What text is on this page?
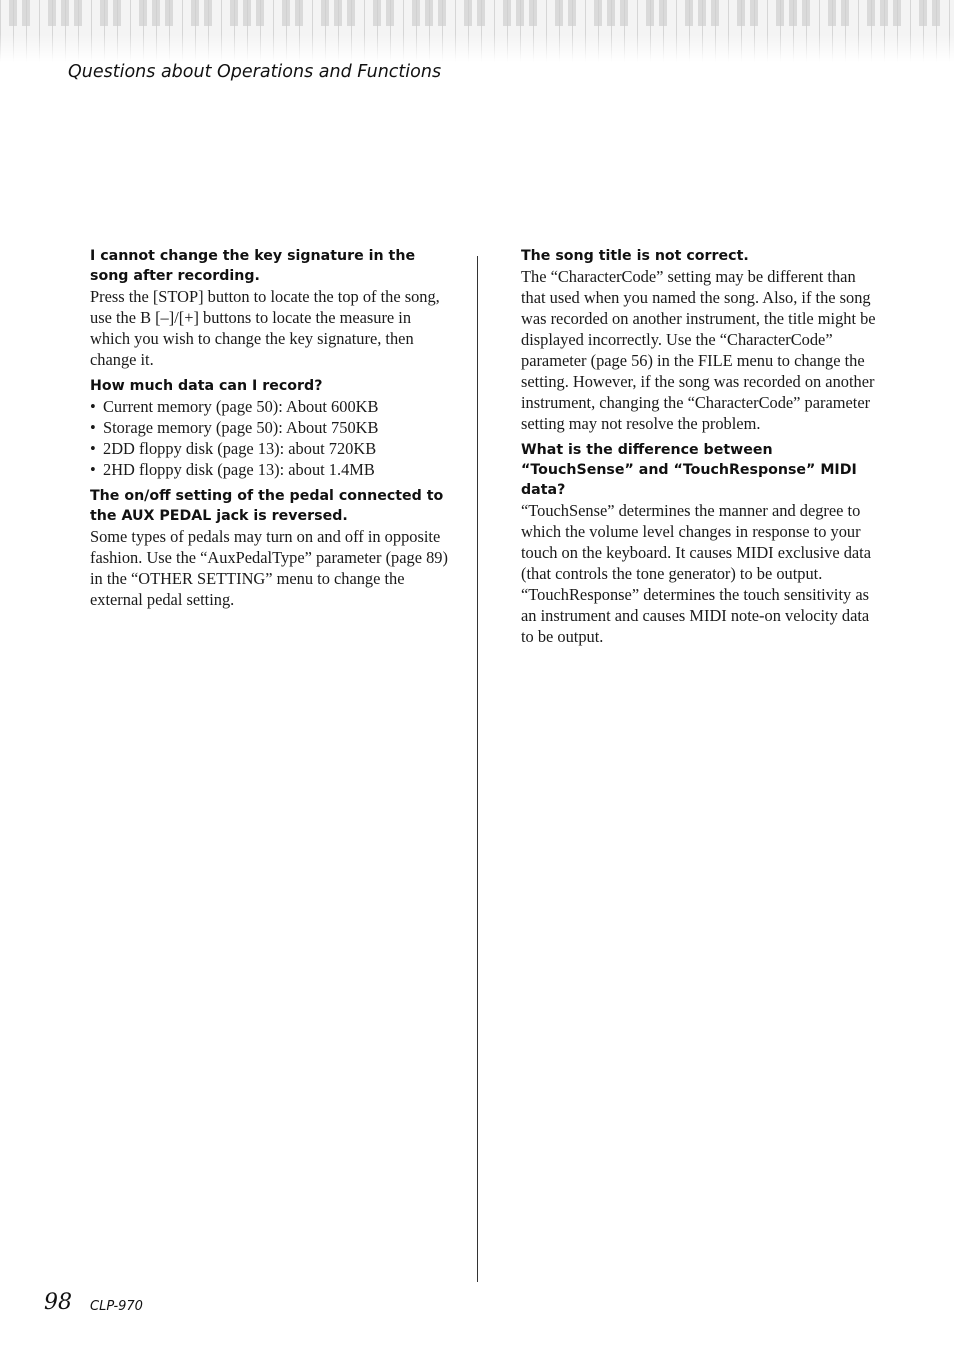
Questions about Operations and Functions

I cannot change the key signature in the song after recording.

Press the [STOP] button to locate the top of the song, use the B [–]/[+] buttons to locate the measure in which you wish to change the key signature, then change it.

How much data can I record?

• Current memory (page 50): About 600KB
• Storage memory (page 50): About 750KB
• 2DD floppy disk (page 13): about 720KB
• 2HD floppy disk (page 13): about 1.4MB

The on/off setting of the pedal connected to the AUX PEDAL jack is reversed.

Some types of pedals may turn on and off in opposite fashion. Use the “AuxPedalType” parameter (page 89) in the “OTHER SETTING” menu to change the external pedal setting.

The song title is not correct.

The “CharacterCode” setting may be different than that used when you named the song. Also, if the song was recorded on another instrument, the title might be displayed incorrectly. Use the “CharacterCode” parameter (page 56) in the FILE menu to change the setting. However, if the song was recorded on another instrument, changing the “CharacterCode” parameter setting may not resolve the problem.

What is the difference between “TouchSense” and “TouchResponse” MIDI data?

“TouchSense” determines the manner and degree to which the volume level changes in response to your touch on the keyboard. It causes MIDI exclusive data (that controls the tone generator) to be output.

“TouchResponse” determines the touch sensitivity as an instrument and causes MIDI note-on velocity data to be output.

98 CLP-970
